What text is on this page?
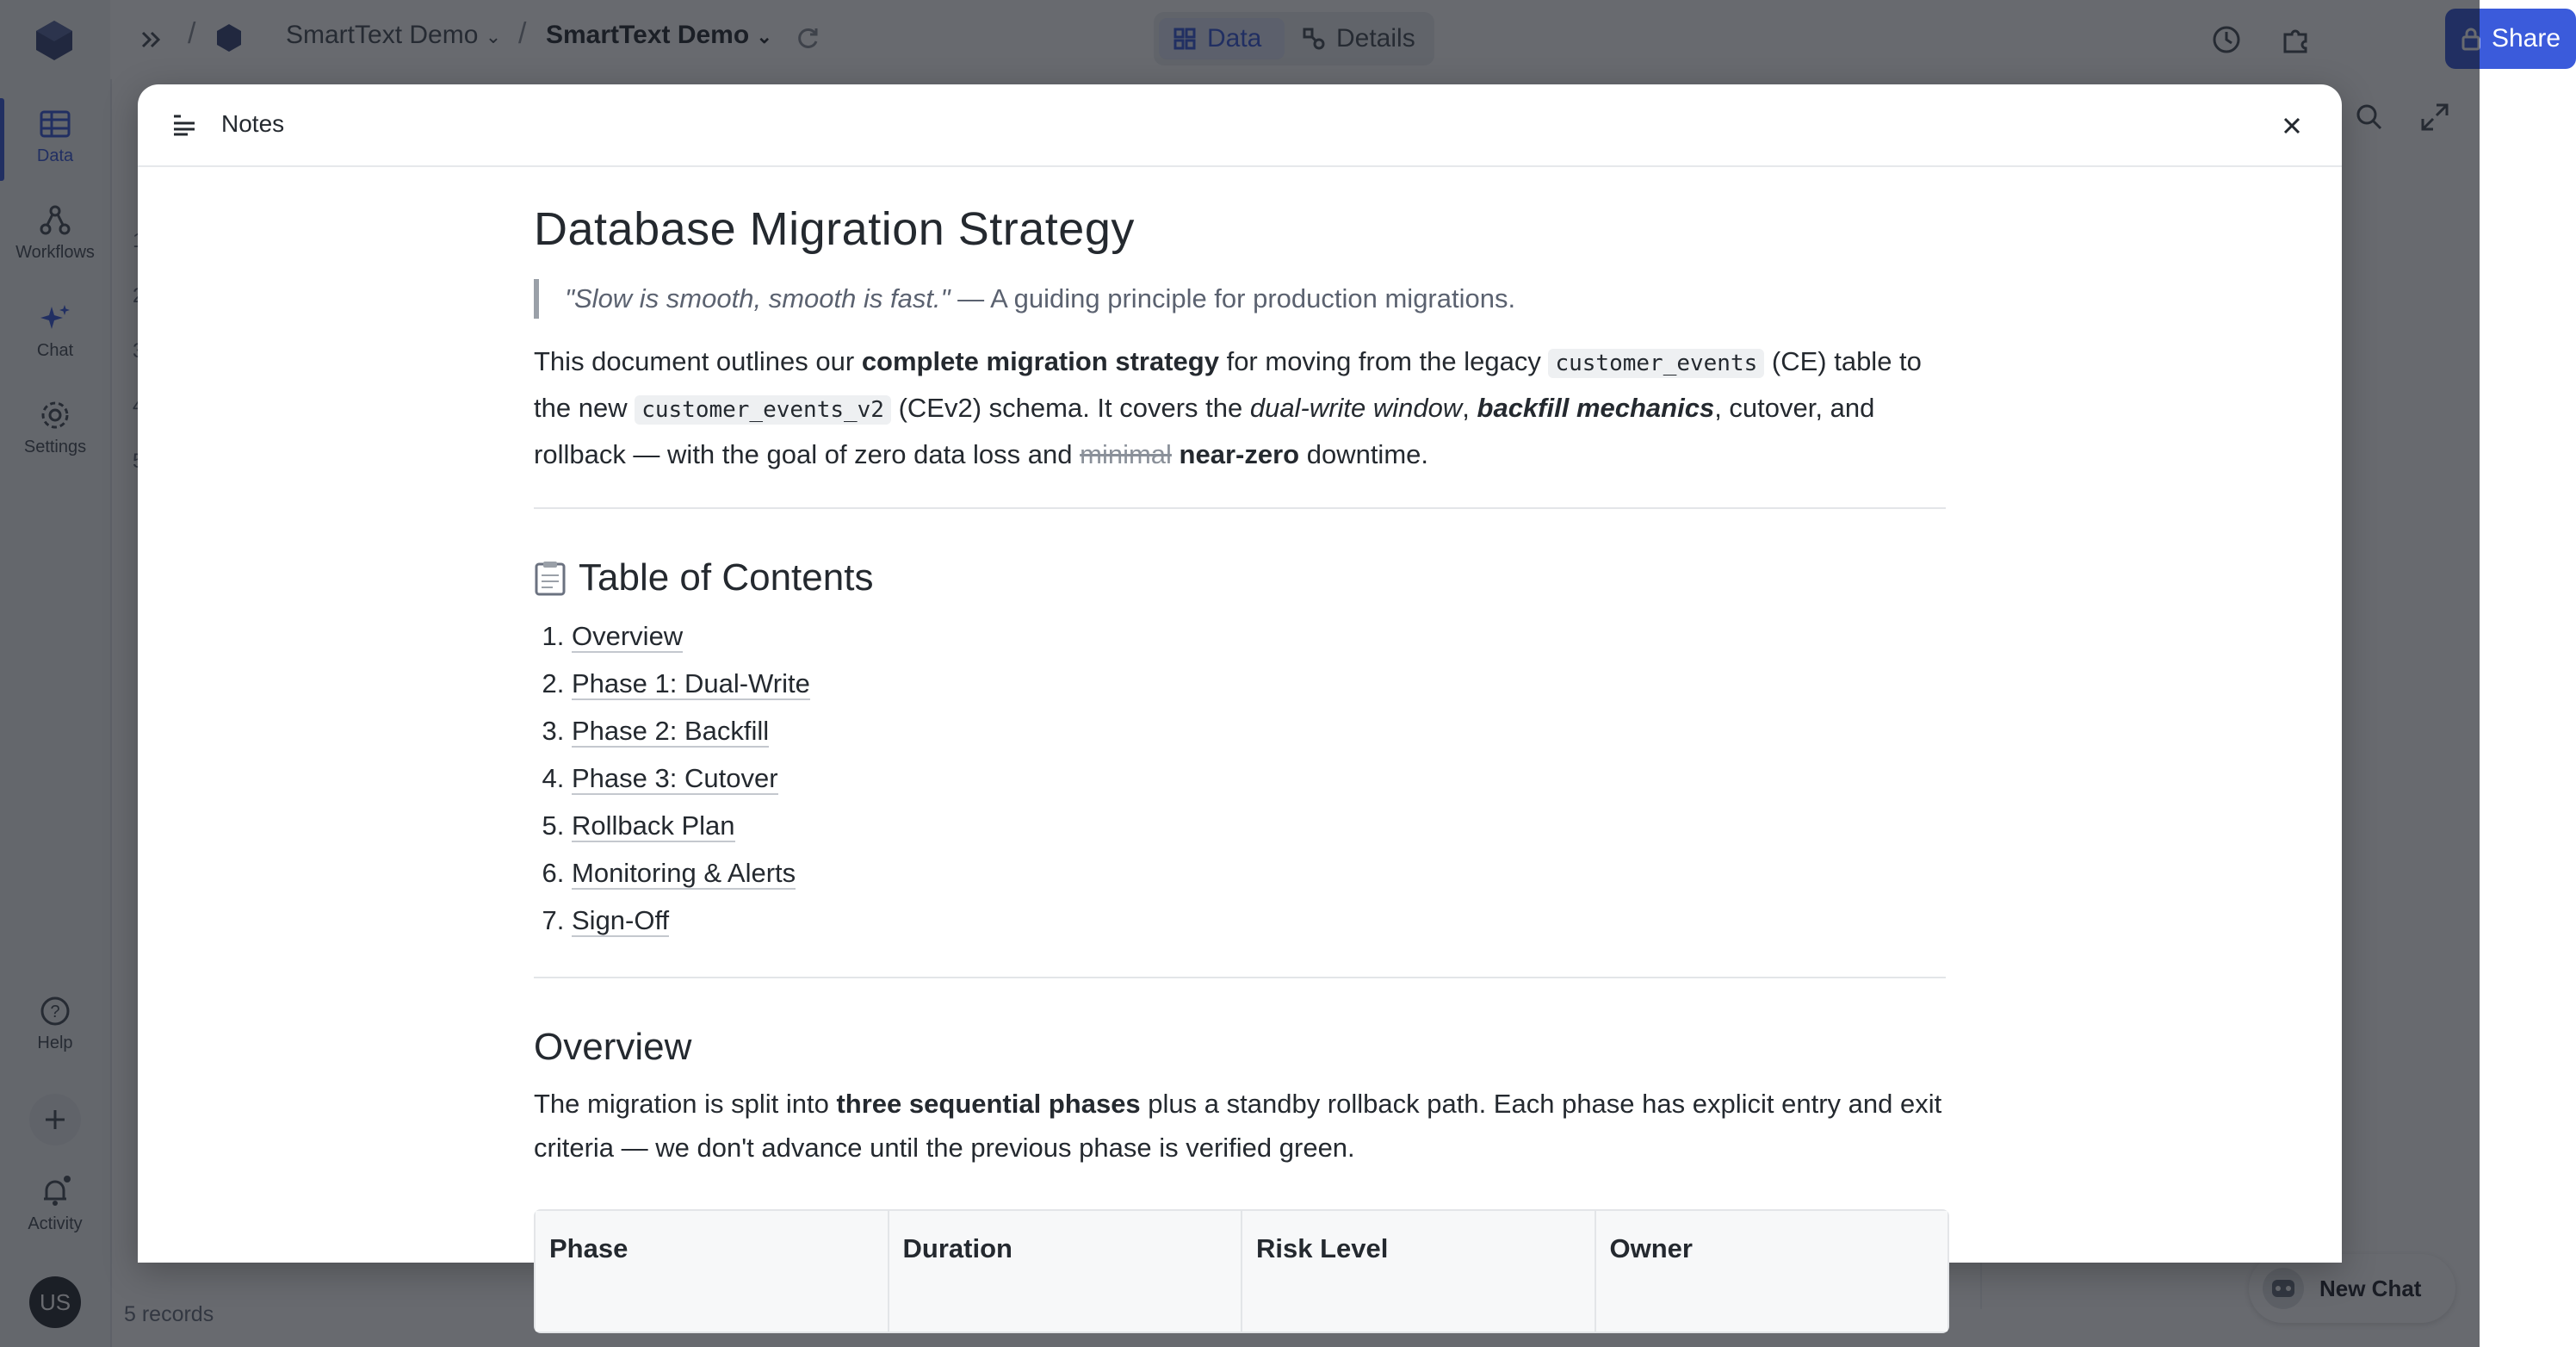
Share
Notes
Database Migration Strategy
"Slow is smooth, smooth is fast." — A guiding principle for production migrations.

This document outlines our complete migration strategy for moving from the legacy customer_events (CE) table to the new customer_events_v2 (CEv2) schema. It covers the dual-write window, backfill mechanics, cutover, and rollback — with the goal of zero data loss and minimal near-zero downtime.

Table of Contents
1. Overview
2. Phase 1: Dual-Write
3. Phase 2: Backfill
4. Phase 3: Cutover
5. Rollback Plan
6. Monitoring & Alerts
7. Sign-Off
Overview

The migration is split into three sequential phases plus a standby rollback path. Each phase has explicit entry and exit criteria — we don't advance until the previous phase is verified green.

Phase	Duration	Risk Level	Owner
